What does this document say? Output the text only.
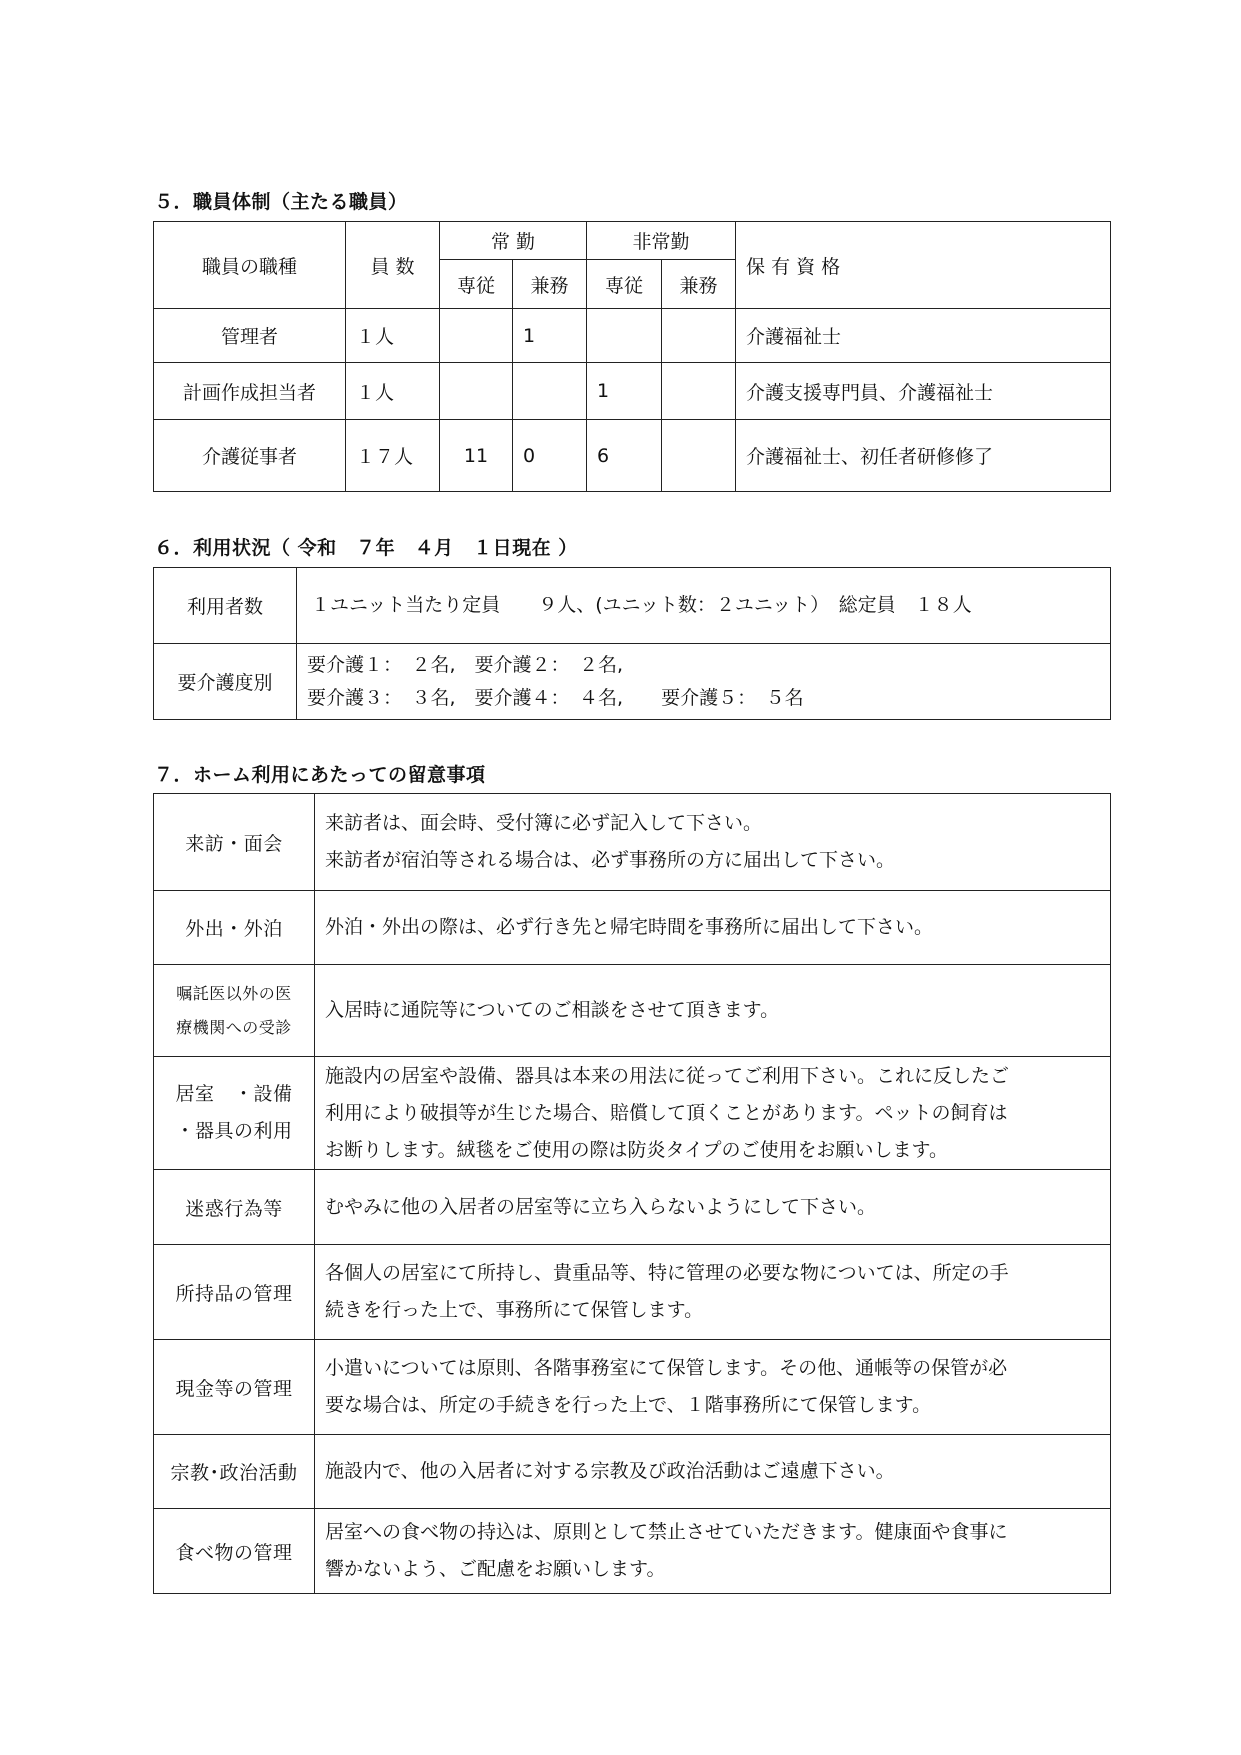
５．職員体制（主たる職員）
職員の職種	員 数	常 勤		非常勤		保 有 資 格
		専従	兼務	専従	兼務	
管理者	１人		1			介護福祉士
計画作成担当者	１人			1		介護支援専門員、介護福祉士
介護従事者	１７人	11	0	6		介護福祉士、初任者研修修了
６．利用状況（ 令和　７年　４月　１日現在 ）
利用者数	１ユニット当たり定員　　９人、(ユニット数：２ユニット）　総定員　１８人
要介護度別	要介護１：　２名,　要介護２：　２名,
要介護３：　３名,　要介護４：　４名,　　要介護５：　５名
７．ホーム利用にあたっての留意事項
来訪・面会	来訪者は、面会時、受付簿に必ず記入して下さい。
来訪者が宿泊等される場合は、必ず事務所の方に届出して下さい。

外出・外泊	外泊・外出の際は、必ず行き先と帰宅時間を事務所に届出して下さい。

嘱託医以外の医
療機関への受診	入居時に通院等についてのご相談をさせて頂きます。

居室　・設備
・器具の利用	施設内の居室や設備、器具は本来の用法に従ってご利用下さい。これに反したご
利用により破損等が生じた場合、賠償して頂くことがあります。ペットの飼育は
お断りします。絨毯をご使用の際は防炎タイプのご使用をお願いします。

迷惑行為等	むやみに他の入居者の居室等に立ち入らないようにして下さい。

所持品の管理	各個人の居室にて所持し、貴重品等、特に管理の必要な物については、所定の手
続きを行った上で、事務所にて保管します。

現金等の管理	小遣いについては原則、各階事務室にて保管します。その他、通帳等の保管が必
要な場合は、所定の手続きを行った上で、１階事務所にて保管します。

宗教･政治活動	施設内で、他の入居者に対する宗教及び政治活動はご遠慮下さい。

食べ物の管理	居室への食べ物の持込は、原則として禁止させていただきます。健康面や食事に
響かないよう、ご配慮をお願いします。
